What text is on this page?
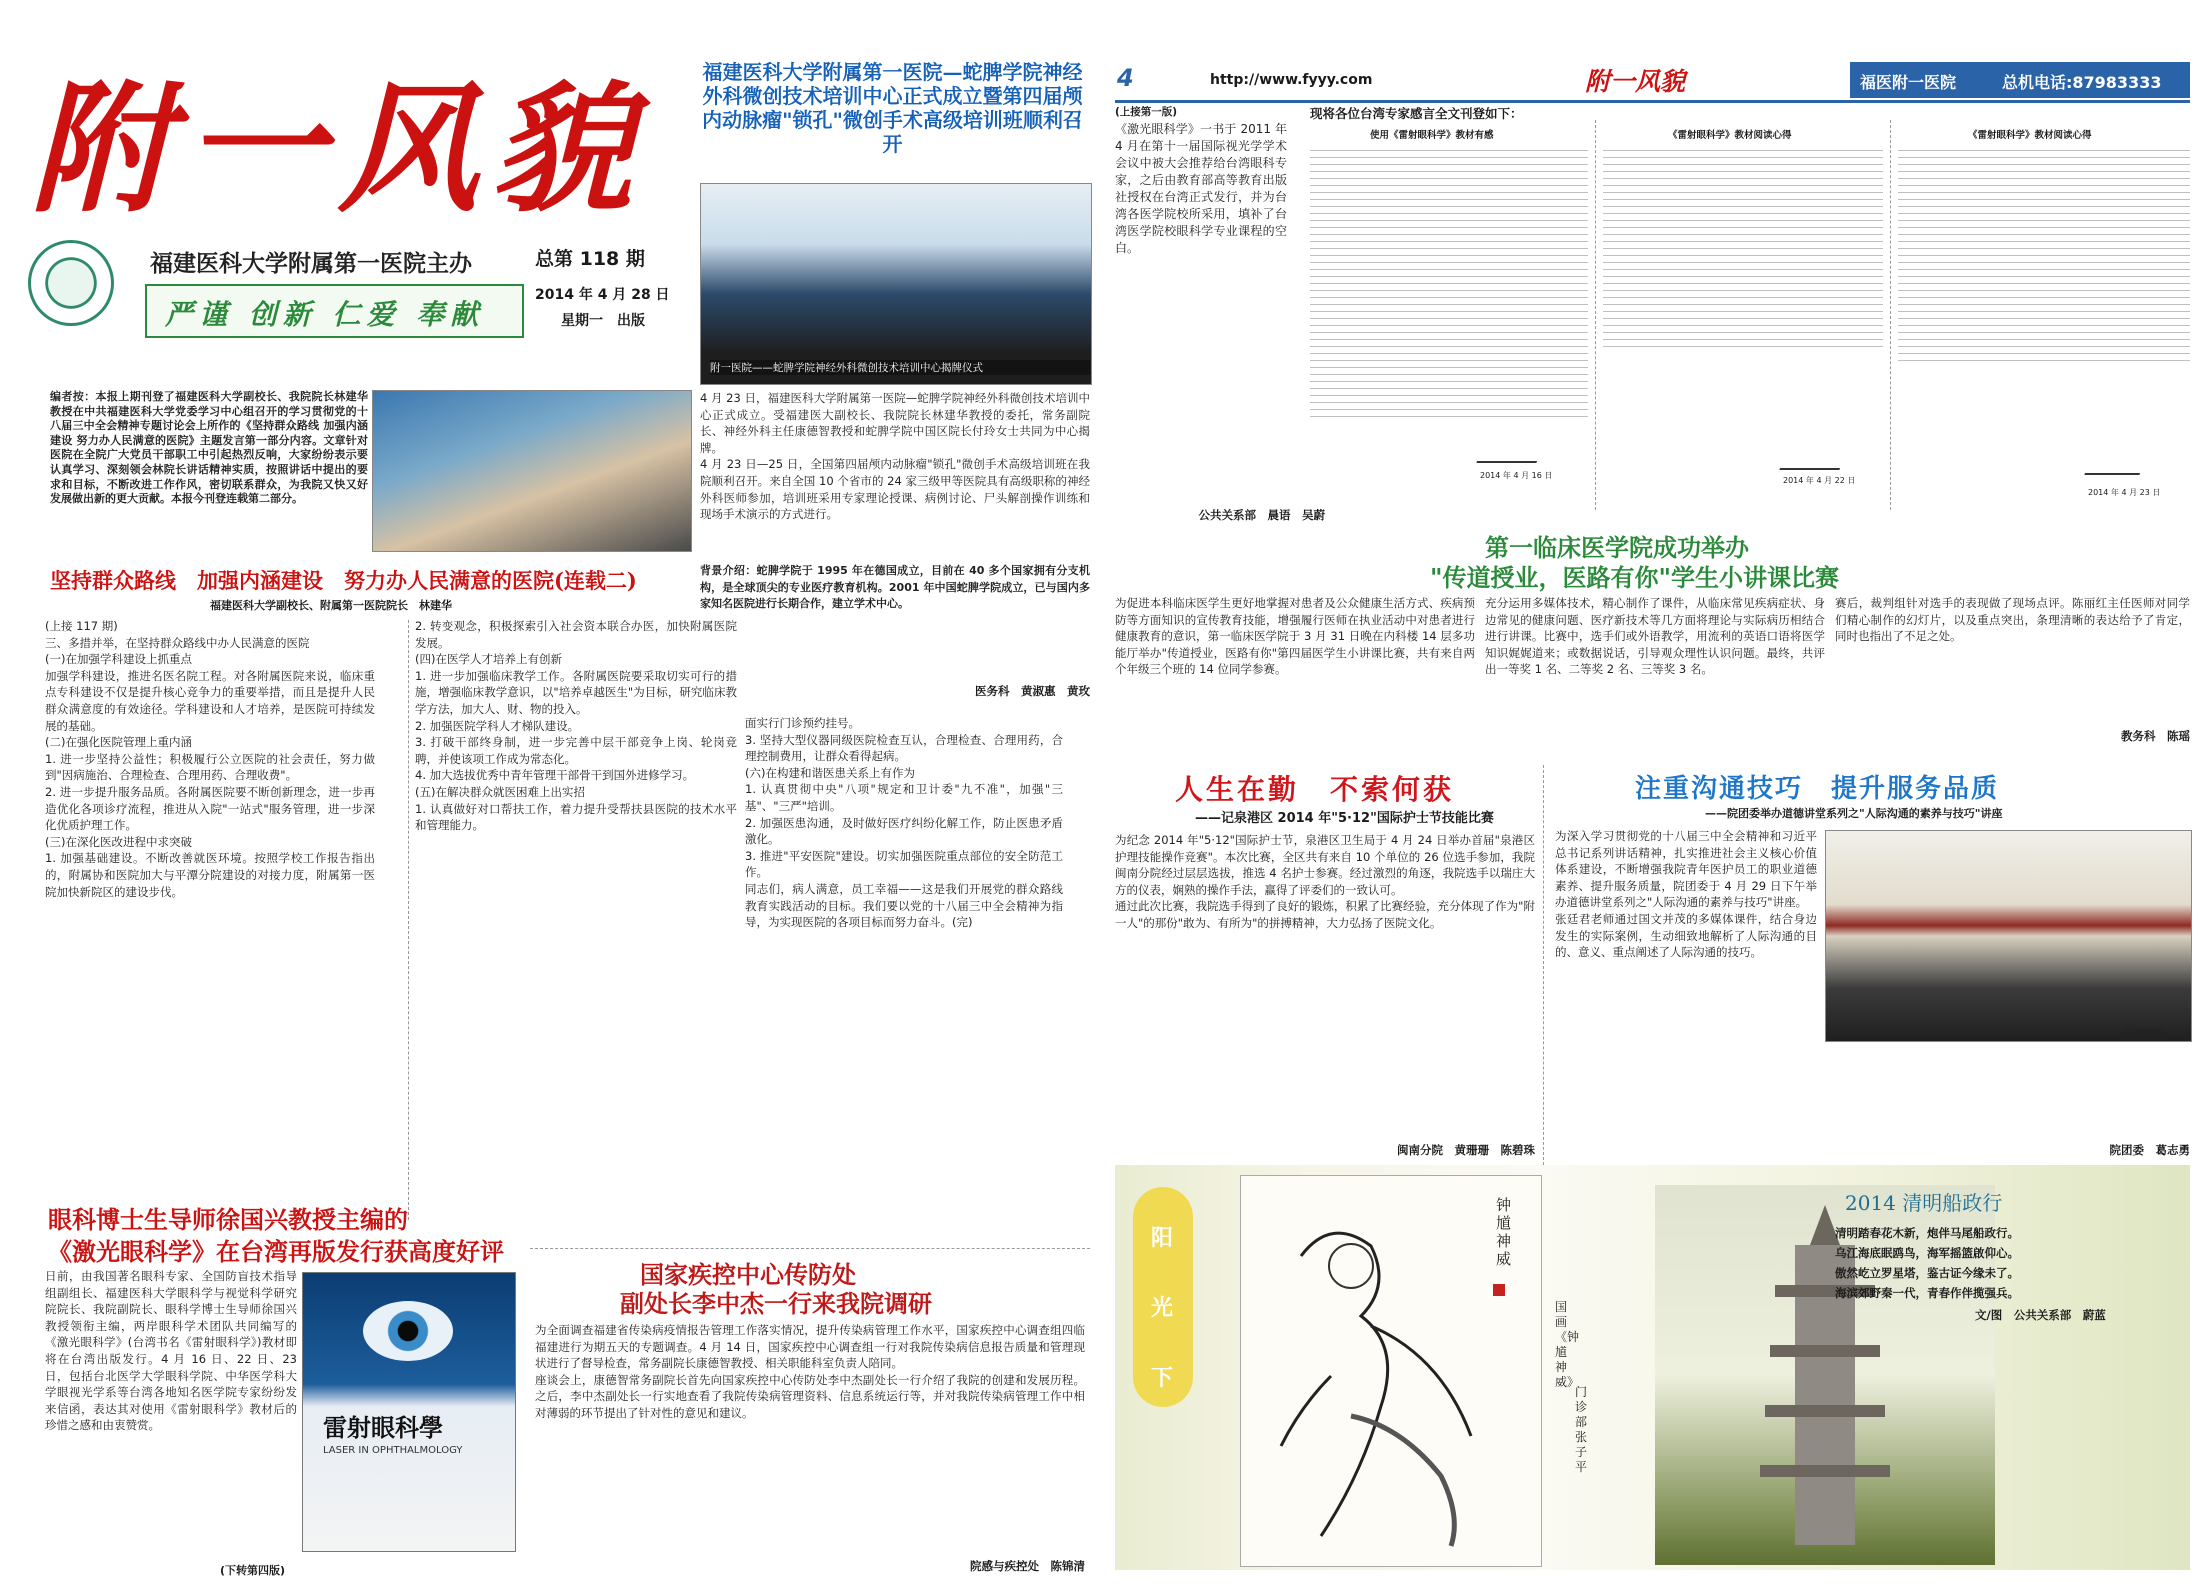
附一风貌
福建医科大学附属第一医院主办
严谨 创新 仁爱 奉献
总第 118 期
2014 年 4 月 28 日
星期一　出版
编者按：本报上期刊登了福建医科大学副校长、我院院长林建华教授在中共福建医科大学党委学习中心组召开的学习贯彻党的十八届三中全会精神专题讨论会上所作的《坚持群众路线 加强内涵建设 努力办人民满意的医院》主题发言第一部分内容。文章针对医院在全院广大党员干部职工中引起热烈反响，大家纷纷表示要认真学习、深刻领会林院长讲话精神实质，按照讲话中提出的要求和目标，不断改进工作作风，密切联系群众，为我院又快又好发展做出新的更大贡献。本报今刊登连载第二部分。
坚持群众路线　加强内涵建设　努力办人民满意的医院(连载二)
福建医科大学副校长、附属第一医院院长　林建华
(上接 117 期)
三、多措并举，在坚持群众路线中办人民满意的医院
(一)在加强学科建设上抓重点
加强学科建设，推进名医名院工程。对各附属医院来说，临床重点专科建设不仅是提升核心竞争力的重要举措，而且是提升人民群众满意度的有效途径。学科建设和人才培养，是医院可持续发展的基础。
(二)在强化医院管理上重内涵
1. 进一步坚持公益性；积极履行公立医院的社会责任，努力做到"因病施治、合理检查、合理用药、合理收费"。
2. 进一步提升服务品质。各附属医院要不断创新理念，进一步再造优化各项诊疗流程，推进从入院"一站式"服务管理，进一步深化优质护理工作。
(三)在深化医改进程中求突破
1. 加强基础建设。不断改善就医环境。按照学校工作报告指出的，附属协和医院加大与平潭分院建设的对接力度，附属第一医院加快新院区的建设步伐。
2. 转变观念，积极探索引入社会资本联合办医，加快附属医院发展。
(四)在医学人才培养上有创新
1. 进一步加强临床教学工作。各附属医院要采取切实可行的措施，增强临床教学意识，以"培养卓越医生"为目标，研究临床教学方法，加大人、财、物的投入。
2. 加强医院学科人才梯队建设。
3. 打破干部终身制，进一步完善中层干部竞争上岗、轮岗竞聘，并使该项工作成为常态化。
4. 加大选拔优秀中青年管理干部骨干到国外进修学习。
(五)在解决群众就医困难上出实招
1. 认真做好对口帮扶工作，着力提升受帮扶县医院的技术水平和管理能力。
面实行门诊预约挂号。
3. 坚持大型仪器同级医院检查互认，合理检查、合理用药，合理控制费用，让群众看得起病。
(六)在构建和谐医患关系上有作为
1. 认真贯彻中央"八项"规定和卫计委"九不准"，加强"三基"、"三严"培训。
2. 加强医患沟通，及时做好医疗纠纷化解工作，防止医患矛盾激化。
3. 推进"平安医院"建设。切实加强医院重点部位的安全防范工作。
同志们，病人满意，员工幸福——这是我们开展党的群众路线教育实践活动的目标。我们要以党的十八届三中全会精神为指导，为实现医院的各项目标而努力奋斗。(完)
福建医科大学附属第一医院—蛇脾学院神经外科微创技术培训中心正式成立暨第四届颅内动脉瘤"锁孔"微创手术高级培训班顺利召开
附一医院——蛇脾学院神经外科微创技术培训中心揭牌仪式
4 月 23 日，福建医科大学附属第一医院—蛇脾学院神经外科微创技术培训中心正式成立。受福建医大副校长、我院院长林建华教授的委托，常务副院长、神经外科主任康德智教授和蛇脾学院中国区院长付玲女士共同为中心揭牌。
4 月 23 日—25 日，全国第四届颅内动脉瘤"锁孔"微创手术高级培训班在我院顺利召开。来自全国 10 个省市的 24 家三级甲等医院具有高级职称的神经外科医师参加，培训班采用专家理论授课、病例讨论、尸头解剖操作训练和现场手术演示的方式进行。
背景介绍：蛇脾学院于 1995 年在德国成立，目前在 40 多个国家拥有分支机构，是全球顶尖的专业医疗教育机构。2001 年中国蛇脾学院成立，已与国内多家知名医院进行长期合作，建立学术中心。
医务科　黄淑惠　黄玫
眼科博士生导师徐国兴教授主编的
《激光眼科学》在台湾再版发行获高度好评
日前，由我国著名眼科专家、全国防盲技术指导组副组长、福建医科大学眼科学与视觉科学研究院院长、我院副院长、眼科学博士生导师徐国兴教授领衔主编，两岸眼科学术团队共同编写的《激光眼科学》(台湾书名《雷射眼科学》)教材即将在台湾出版发行。4 月 16 日、22 日、23 日，包括台北医学大学眼科学院、中华医学科大学眼视光学系等台湾各地知名医学院专家纷纷发来信函，表达其对使用《雷射眼科学》教材后的珍惜之感和由衷赞赏。	雷射眼科學
LASER IN OPHTHALMOLOGY
(下转第四版)
国家疾控中心传防处
副处长李中杰一行来我院调研
为全面调查福建省传染病疫情报告管理工作落实情况，提升传染病管理工作水平，国家疾控中心调查组四临福建进行为期五天的专题调查。4 月 14 日，国家疾控中心调查组一行对我院传染病信息报告质量和管理现状进行了督导检查，常务副院长康德智教授、相关职能科室负责人陪同。
座谈会上，康德智常务副院长首先向国家疾控中心传防处李中杰副处长一行介绍了我院的创建和发展历程。之后，李中杰副处长一行实地查看了我院传染病管理资料、信息系统运行等，并对我院传染病管理工作中相对薄弱的环节提出了针对性的意见和建议。
院感与疾控处　陈锦清
4	http://www.fyyy.com	附一风貌	福医附一医院	总机电话:87983333
(上接第一版)
《激光眼科学》一书于 2011 年 4 月在第十一届国际视光学学术会议中被大会推荐给台湾眼科专家，之后由教育部高等教育出版社授权在台湾正式发行，并为台湾各医学院校所采用，填补了台湾医学院校眼科学专业课程的空白。
公共关系部　晨语　吴蔚
现将各位台湾专家感言全文刊登如下：
使用《雷射眼科学》教材有感
2014 年 4 月 16 日
《雷射眼科学》教材阅读心得
2014 年 4 月 22 日
《雷射眼科学》教材阅读心得
2014 年 4 月 23 日
第一临床医学院成功举办
"传道授业，医路有你"学生小讲课比赛
为促进本科临床医学生更好地掌握对患者及公众健康生活方式、疾病预防等方面知识的宣传教育技能，增强履行医师在执业活动中对患者进行健康教育的意识，第一临床医学院于 3 月 31 日晚在内科楼 14 层多功能厅举办"传道授业，医路有你"第四届医学生小讲课比赛，共有来自两个年级三个班的 14 位同学参赛。
充分运用多媒体技术，精心制作了课件，从临床常见疾病症状、身边常见的健康问题、医疗新技术等几方面将理论与实际病历相结合进行讲课。比赛中，选手们或外语教学，用流利的英语口语将医学知识娓娓道来；或数据说话，引导观众理性认识问题。最终，共评出一等奖 1 名、二等奖 2 名、三等奖 3 名。
赛后，裁判组针对选手的表现做了现场点评。陈丽红主任医师对同学们精心制作的幻灯片，以及重点突出，条理清晰的表达给予了肯定，同时也指出了不足之处。
教务科　陈瑶
人生在勤　不索何获
——记泉港区 2014 年"5·12"国际护士节技能比赛
为纪念 2014 年"5·12"国际护士节，泉港区卫生局于 4 月 24 日举办首届"泉港区护理技能操作竞赛"。本次比赛，全区共有来自 10 个单位的 26 位选手参加，我院闽南分院经过层层选拔，推选 4 名护士参赛。经过激烈的角逐，我院选手以瑞庄大方的仪表，娴熟的操作手法，赢得了评委们的一致认可。
通过此次比赛，我院选手得到了良好的锻炼，积累了比赛经验，充分体现了作为"附一人"的那份"敢为、有所为"的拼搏精神，大力弘扬了医院文化。
闽南分院　黄珊珊　陈碧珠
注重沟通技巧　提升服务品质
——院团委举办道德讲堂系列之"人际沟通的素养与技巧"讲座
为深入学习贯彻党的十八届三中全会精神和习近平总书记系列讲话精神，扎实推进社会主义核心价值体系建设，不断增强我院青年医护员工的职业道德素养、提升服务质量，院团委于 4 月 29 日下午举办道德讲堂系列之"人际沟通的素养与技巧"讲座。
张廷君老师通过国文并茂的多媒体课件，结合身边发生的实际案例，生动细致地解析了人际沟通的目的、意义、重点阐述了人际沟通的技巧。
讲座现场
院团委　葛志勇
阳光下
钟馗神威
国画《钟馗神威》
门诊部　张子平
2014 清明船政行
清明踏春花木新，炮伴马尾船政行。
乌江海底眠鸥鸟，海军摇篮啟仰心。
傲然屹立罗星塔，鉴古证今缘未了。
海滨郊野秦一代，青春作伴揽强兵。
文/图　公共关系部　蔚蓝
